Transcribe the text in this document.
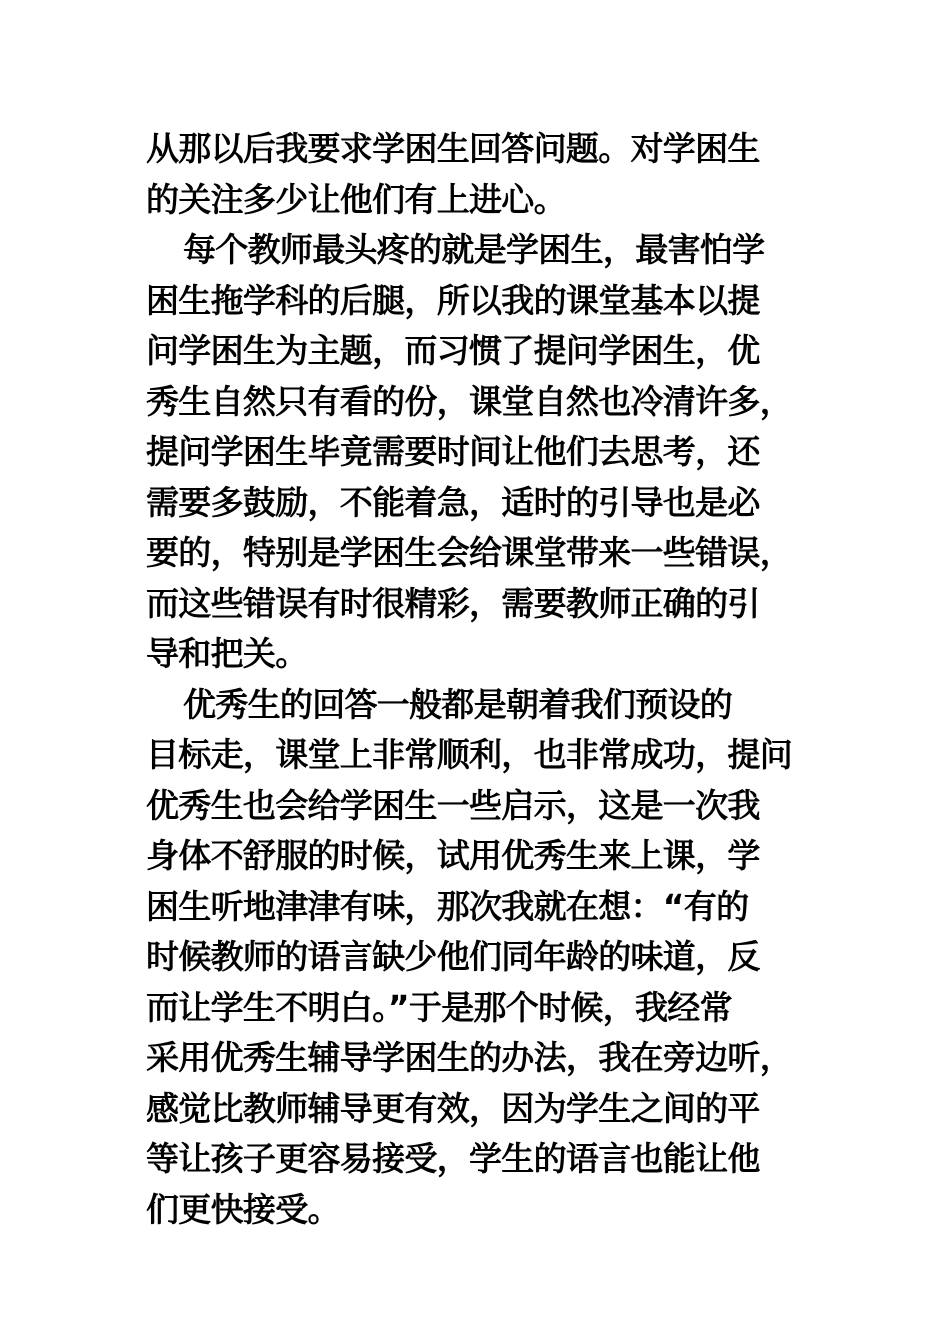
从那以后我要求学困生回答问题。对学困生
的关注多少让他们有上进心。
每个教师最头疼的就是学困生，最害怕学
困生拖学科的后腿，所以我的课堂基本以提
问学困生为主题，而习惯了提问学困生，优
秀生自然只有看的份，课堂自然也冷清许多，
提问学困生毕竟需要时间让他们去思考，还
需要多鼓励，不能着急，适时的引导也是必
要的，特别是学困生会给课堂带来一些错误，
而这些错误有时很精彩，需要教师正确的引
导和把关。
优秀生的回答一般都是朝着我们预设的
目标走，课堂上非常顺利，也非常成功，提问
优秀生也会给学困生一些启示，这是一次我
身体不舒服的时候，试用优秀生来上课，学
困生听地津津有味，那次我就在想：“有的
时候教师的语言缺少他们同年龄的味道，反
而让学生不明白。”于是那个时候，我经常
采用优秀生辅导学困生的办法，我在旁边听，
感觉比教师辅导更有效，因为学生之间的平
等让孩子更容易接受，学生的语言也能让他
们更快接受。
